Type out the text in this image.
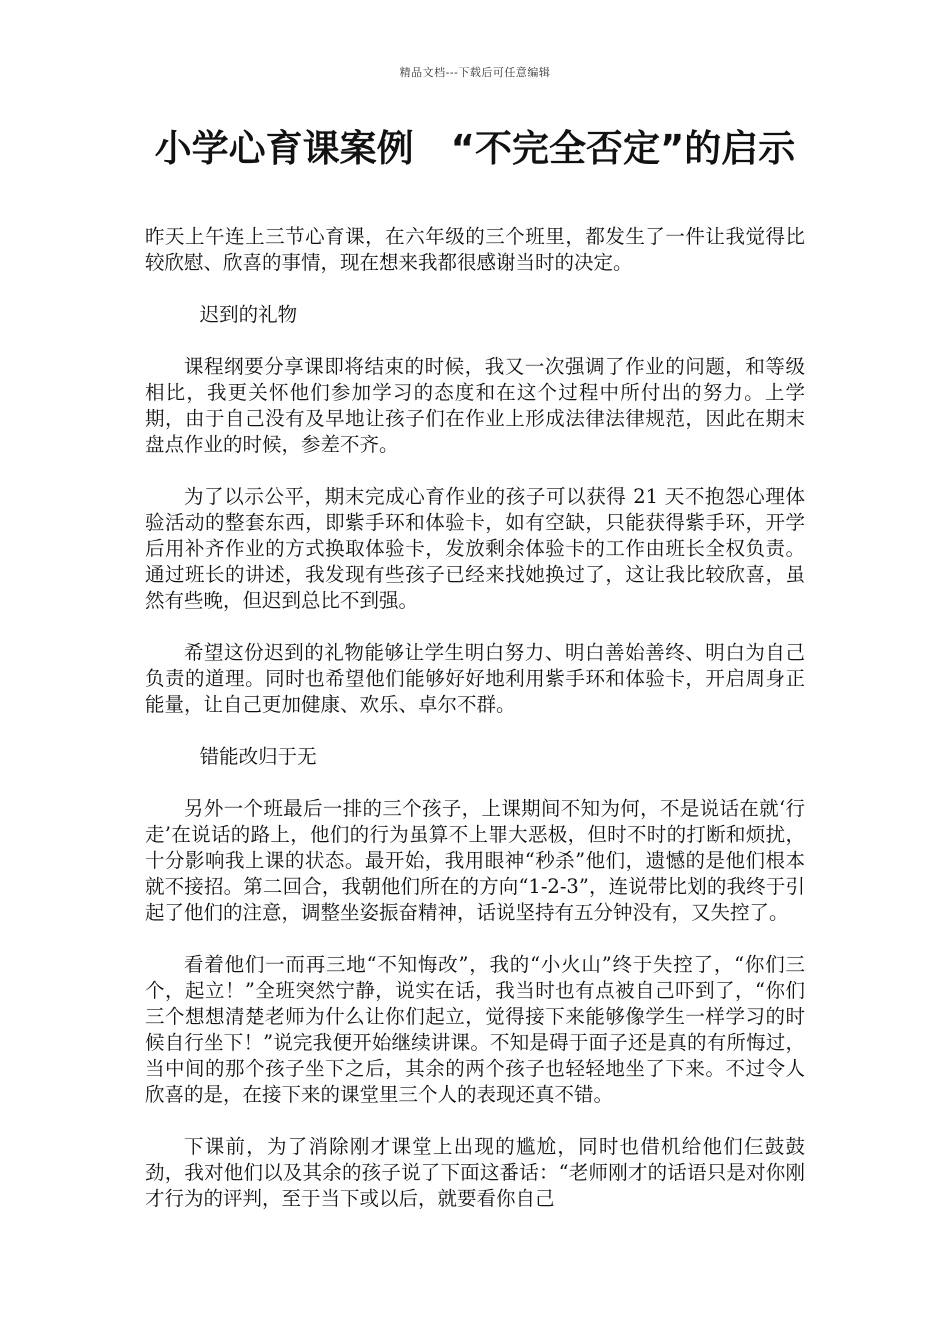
精品文档---下载后可任意编辑
小学心育课案例　“不完全否定”的启示

昨天上午连上三节心育课，在六年级的三个班里，都发生了一件让我觉得比较欣慰、欣喜的事情，现在想来我都很感谢当时的决定。

迟到的礼物

课程纲要分享课即将结束的时候，我又一次强调了作业的问题，和等级相比，我更关怀他们参加学习的态度和在这个过程中所付出的努力。上学期，由于自己没有及早地让孩子们在作业上形成法律法律规范，因此在期末盘点作业的时候，参差不齐。

为了以示公平，期末完成心育作业的孩子可以获得 21 天不抱怨心理体验活动的整套东西，即紫手环和体验卡，如有空缺，只能获得紫手环，开学后用补齐作业的方式换取体验卡，发放剩余体验卡的工作由班长全权负责。通过班长的讲述，我发现有些孩子已经来找她换过了，这让我比较欣喜，虽然有些晚，但迟到总比不到强。

希望这份迟到的礼物能够让学生明白努力、明白善始善终、明白为自己负责的道理。同时也希望他们能够好好地利用紫手环和体验卡，开启周身正能量，让自己更加健康、欢乐、卓尔不群。

错能改归于无

另外一个班最后一排的三个孩子，上课期间不知为何，不是说话在就‘行走’在说话的路上，他们的行为虽算不上罪大恶极，但时不时的打断和烦扰，十分影响我上课的状态。最开始，我用眼神“秒杀”他们，遗憾的是他们根本就不接招。第二回合，我朝他们所在的方向“1-2-3”，连说带比划的我终于引起了他们的注意，调整坐姿振奋精神，话说坚持有五分钟没有，又失控了。

看着他们一而再三地“不知悔改”，我的“小火山”终于失控了，“你们三个，起立！”全班突然宁静，说实在话，我当时也有点被自己吓到了，“你们三个想想清楚老师为什么让你们起立，觉得接下来能够像学生一样学习的时候自行坐下！”说完我便开始继续讲课。不知是碍于面子还是真的有所悔过，当中间的那个孩子坐下之后，其余的两个孩子也轻轻地坐了下来。不过令人欣喜的是，在接下来的课堂里三个人的表现还真不错。

下课前，为了消除刚才课堂上出现的尴尬，同时也借机给他们仨鼓鼓劲，我对他们以及其余的孩子说了下面这番话：“老师刚才的话语只是对你刚才行为的评判，至于当下或以后，就要看你自己
